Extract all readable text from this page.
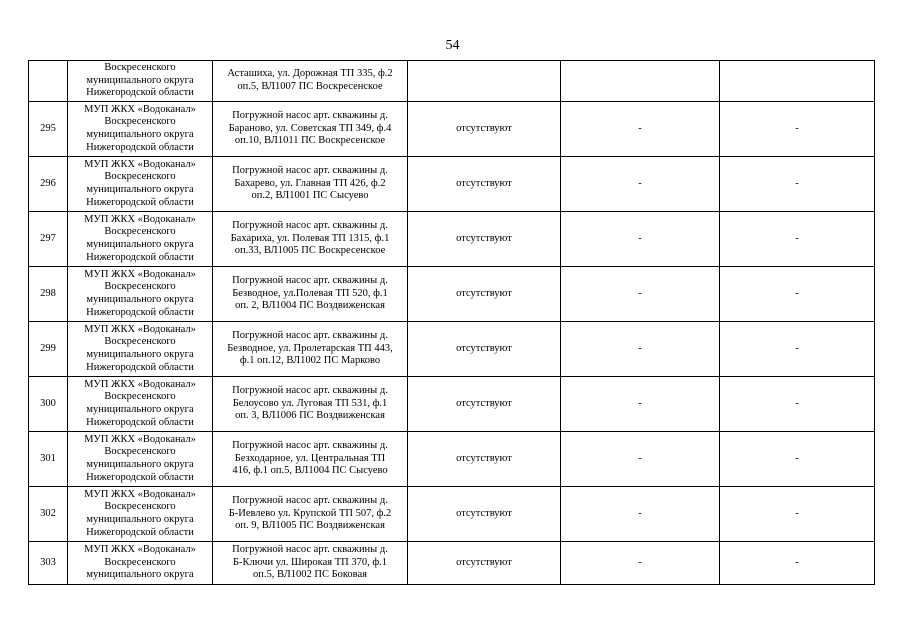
54

	Воскресенского
муниципального округа
Нижегородской области	Асташиха, ул. Дорожная ТП 335, ф.2
оп.5, ВЛ1007 ПС Воскресенское			

295	МУП ЖКХ «Водоканал»
Воскресенского
муниципального округа
Нижегородской области	Погружной насос арт. скважины д.
Бараново, ул. Советская ТП 349, ф.4
оп.10, ВЛ1011 ПС Воскресенское	отсутствуют	-	-
296	МУП ЖКХ «Водоканал»
Воскресенского
муниципального округа
Нижегородской области	Погружной насос арт. скважины д.
Бахарево, ул. Главная ТП 426, ф.2
оп.2, ВЛ1001 ПС Сысуево	отсутствуют	-	-
297	МУП ЖКХ «Водоканал»
Воскресенского
муниципального округа
Нижегородской области	Погружной насос арт. скважины д.
Бахариха, ул. Полевая ТП 1315, ф.1
оп.33, ВЛ1005 ПС Воскресенское	отсутствуют	-	-
298	МУП ЖКХ «Водоканал»
Воскресенского
муниципального округа
Нижегородской области	Погружной насос арт. скважины д.
Безводное, ул.Полевая ТП 520, ф.1
оп. 2, ВЛ1004 ПС Воздвиженская	отсутствуют	-	-
299	МУП ЖКХ «Водоканал»
Воскресенского
муниципального округа
Нижегородской области	Погружной насос арт. скважины д.
Безводное, ул. Пролетарская ТП 443,
ф.1 оп.12, ВЛ1002 ПС Марково	отсутствуют	-	-
300	МУП ЖКХ «Водоканал»
Воскресенского
муниципального округа
Нижегородской области	Погружной насос арт. скважины д.
Белоусово ул. Луговая ТП 531, ф.1
оп. 3, ВЛ1006 ПС Воздвиженская	отсутствуют	-	-
301	МУП ЖКХ «Водоканал»
Воскресенского
муниципального округа
Нижегородской области	Погружной насос арт. скважины д.
Безходарное, ул. Центральная ТП
416, ф.1 оп.5, ВЛ1004 ПС Сысуево	отсутствуют	-	-
302	МУП ЖКХ «Водоканал»
Воскресенского
муниципального округа
Нижегородской области	Погружной насос арт. скважины д.
Б-Иевлево ул. Крупской ТП 507, ф.2
оп. 9, ВЛ1005 ПС Воздвиженская	отсутствуют	-	-
303	МУП ЖКХ «Водоканал»
Воскресенского
муниципального округа	Погружной насос арт. скважины д.
Б-Ключи ул. Широкая ТП 370, ф.1
оп.5, ВЛ1002 ПС Боковая	отсутствуют	-	-
